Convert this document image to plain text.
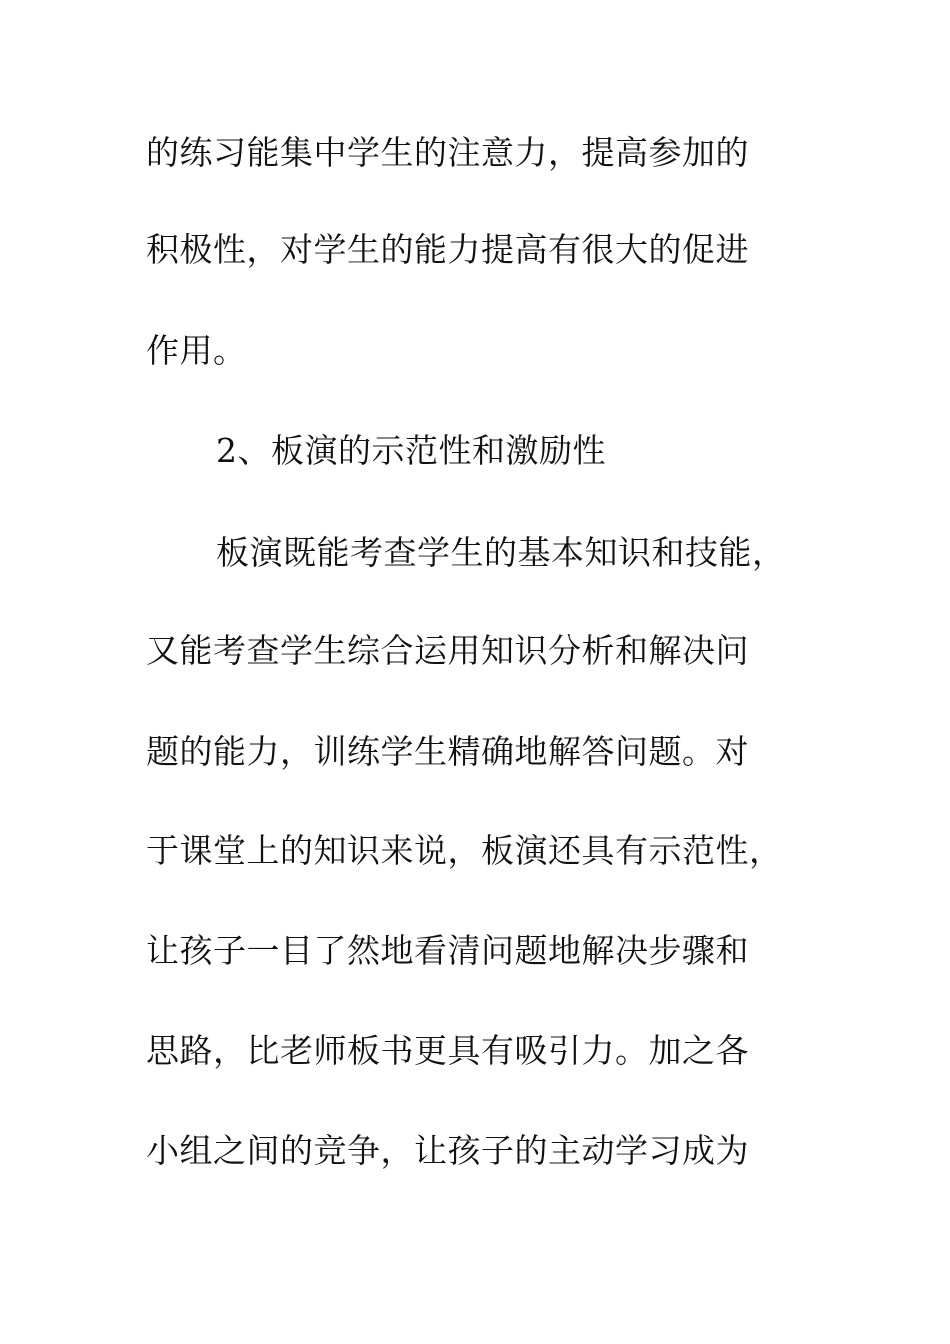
的练习能集中学生的注意力，提高参加的
积极性，对学生的能力提高有很大的促进
作用。
2、板演的示范性和激励性
板演既能考查学生的基本知识和技能，
又能考查学生综合运用知识分析和解决问
题的能力，训练学生精确地解答问题。对
于课堂上的知识来说，板演还具有示范性，
让孩子一目了然地看清问题地解决步骤和
思路，比老师板书更具有吸引力。加之各
小组之间的竞争，让孩子的主动学习成为
